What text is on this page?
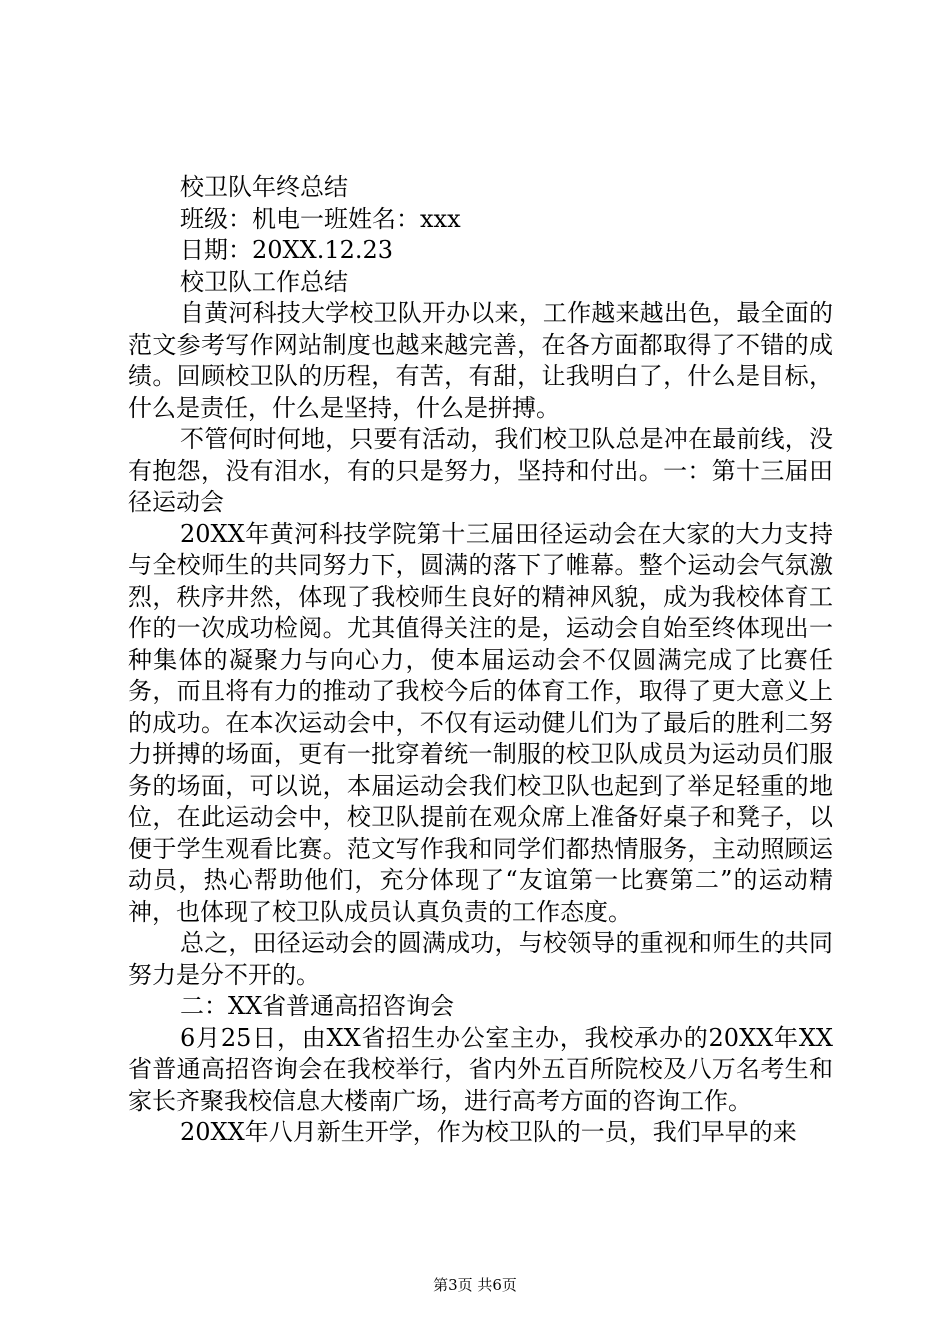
校卫队年终总结

班级：机电一班姓名：xxx

日期：20XX.12.23

校卫队工作总结

自黄河科技大学校卫队开办以来，工作越来越出色，最全面的范文参考写作网站制度也越来越完善，在各方面都取得了不错的成绩。回顾校卫队的历程，有苦，有甜，让我明白了，什么是目标，什么是责任，什么是坚持，什么是拼搏。

不管何时何地，只要有活动，我们校卫队总是冲在最前线，没有抱怨，没有泪水，有的只是努力，坚持和付出。一：第十三届田径运动会

20XX年黄河科技学院第十三届田径运动会在大家的大力支持与全校师生的共同努力下，圆满的落下了帷幕。整个运动会气氛激烈，秩序井然，体现了我校师生良好的精神风貌，成为我校体育工作的一次成功检阅。尤其值得关注的是，运动会自始至终体现出一种集体的凝聚力与向心力，使本届运动会不仅圆满完成了比赛任务，而且将有力的推动了我校今后的体育工作，取得了更大意义上的成功。在本次运动会中，不仅有运动健儿们为了最后的胜利二努力拼搏的场面，更有一批穿着统一制服的校卫队成员为运动员们服务的场面，可以说，本届运动会我们校卫队也起到了举足轻重的地位，在此运动会中，校卫队提前在观众席上准备好桌子和凳子，以便于学生观看比赛。范文写作我和同学们都热情服务，主动照顾运动员，热心帮助他们，充分体现了“友谊第一比赛第二”的运动精神，也体现了校卫队成员认真负责的工作态度。

总之，田径运动会的圆满成功，与校领导的重视和师生的共同努力是分不开的。

二：XX省普通高招咨询会

6月25日，由XX省招生办公室主办，我校承办的20XX年XX省普通高招咨询会在我校举行，省内外五百所院校及八万名考生和家长齐聚我校信息大楼南广场，进行高考方面的咨询工作。

20XX年八月新生开学，作为校卫队的一员，我们早早的来

第3页 共6页
